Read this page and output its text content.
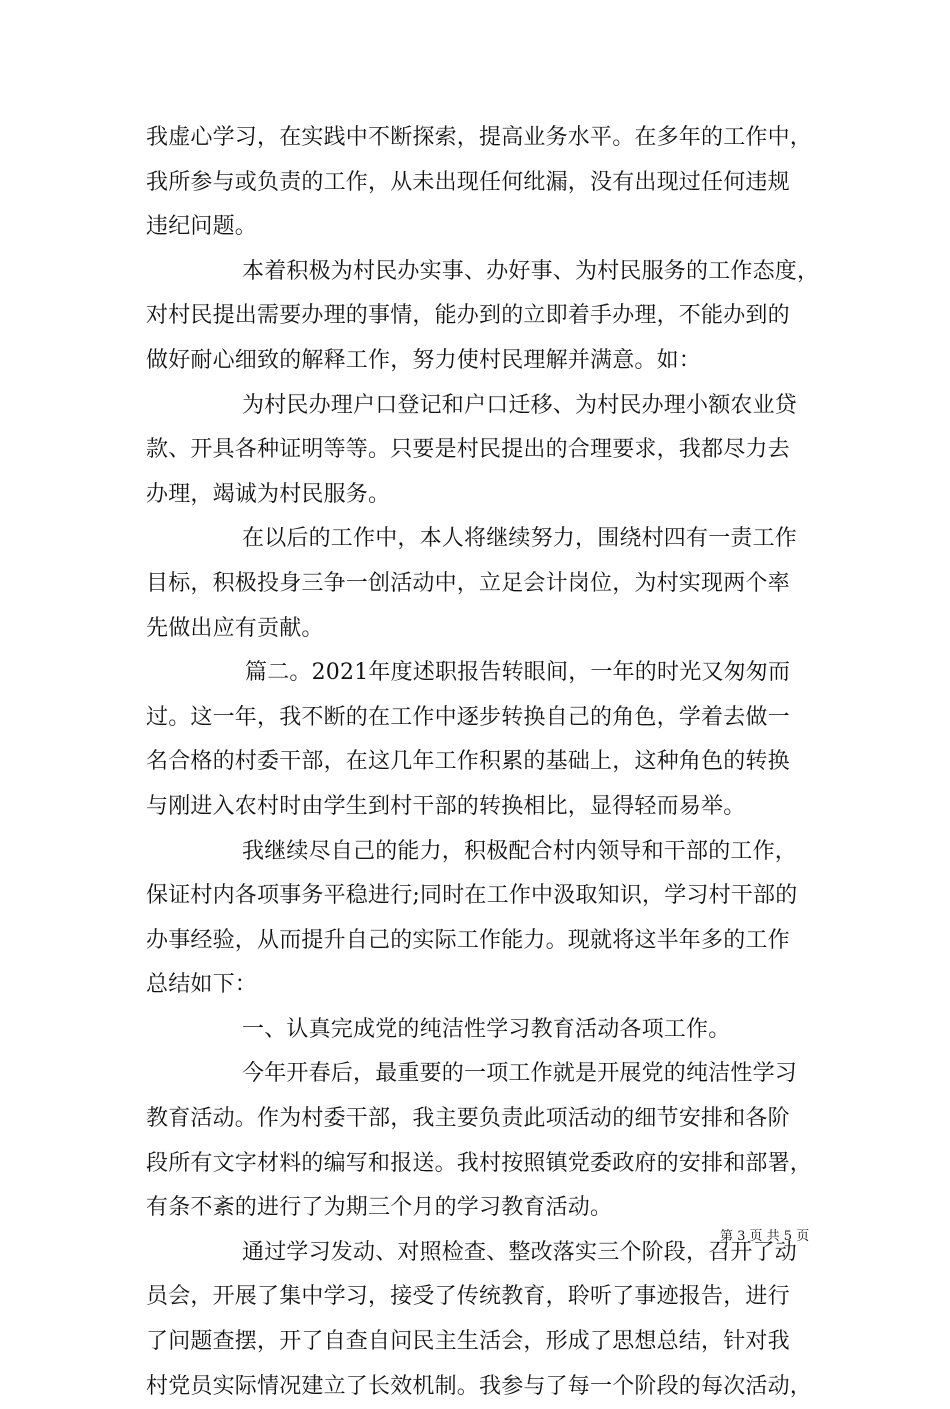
我虚心学习，在实践中不断探索，提高业务水平。在多年的工作中，
我所参与或负责的工作，从未出现任何纰漏，没有出现过任何违规
违纪问题。
本着积极为村民办实事、办好事、为村民服务的工作态度，
对村民提出需要办理的事情，能办到的立即着手办理，不能办到的
做好耐心细致的解释工作，努力使村民理解并满意。如：
为村民办理户口登记和户口迁移、为村民办理小额农业贷
款、开具各种证明等等。只要是村民提出的合理要求，我都尽力去
办理，竭诚为村民服务。
在以后的工作中，本人将继续努力，围绕村四有一责工作
目标，积极投身三争一创活动中，立足会计岗位，为村实现两个率
先做出应有贡献。
篇二。2021年度述职报告转眼间，一年的时光又匆匆而
过。这一年，我不断的在工作中逐步转换自己的角色，学着去做一
名合格的村委干部，在这几年工作积累的基础上，这种角色的转换
与刚进入农村时由学生到村干部的转换相比，显得轻而易举。
我继续尽自己的能力，积极配合村内领导和干部的工作，
保证村内各项事务平稳进行;同时在工作中汲取知识，学习村干部的
办事经验，从而提升自己的实际工作能力。现就将这半年多的工作
总结如下：
一、认真完成党的纯洁性学习教育活动各项工作。
今年开春后，最重要的一项工作就是开展党的纯洁性学习
教育活动。作为村委干部，我主要负责此项活动的细节安排和各阶
段所有文字材料的编写和报送。我村按照镇党委政府的安排和部署，
有条不紊的进行了为期三个月的学习教育活动。
通过学习发动、对照检查、整改落实三个阶段，召开了动
员会，开展了集中学习，接受了传统教育，聆听了事迹报告，进行
了问题查摆，开了自查自问民主生活会，形成了思想总结，针对我
村党员实际情况建立了长效机制。我参与了每一个阶段的每次活动，
第 3 页 共 5 页
